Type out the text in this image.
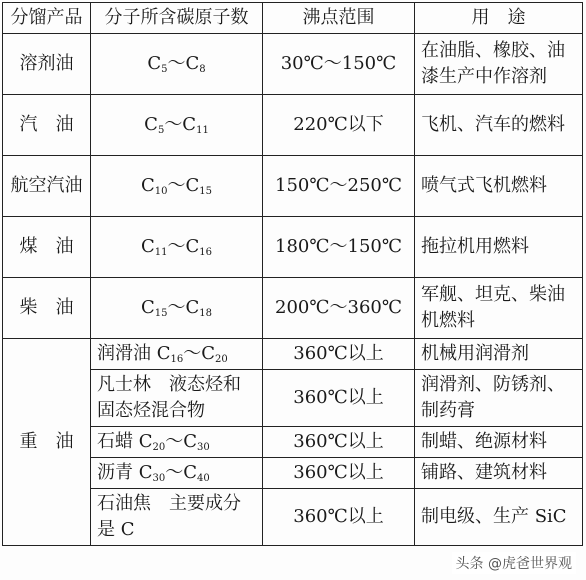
分馏产品	分子所含碳原子数	沸点范围	用　途
溶剂油	$C_5\sim C_8$	30℃～150℃	在油脂、橡胶、油漆生产中作溶剂
汽　油	$C_5\sim C_{11}$	220℃以下	飞机、汽车的燃料
航空汽油	$C_{10}\sim C_{15}$	150℃～250℃	喷气式飞机燃料
煤　油	$C_{11}\sim C_{16}$	180℃～150℃	拖拉机用燃料
柴　油	$C_{15}\sim C_{18}$	200℃～360℃	军舰、坦克、柴油机燃料
重　油	润滑油 $C_{16}\sim C_{20}$	360℃以上	机械用润滑剂
	凡士林　液态烃和固态烃混合物	360℃以上	润滑剂、防锈剂、制药膏
	石蜡 $C_{20}\sim C_{30}$	360℃以上	制蜡、绝源材料
	沥青 $C_{30}\sim C_{40}$	360℃以上	铺路、建筑材料
	石油焦　主要成分是 C	360℃以上	制电级、生产 SiC
头条 @虎爸世界观
